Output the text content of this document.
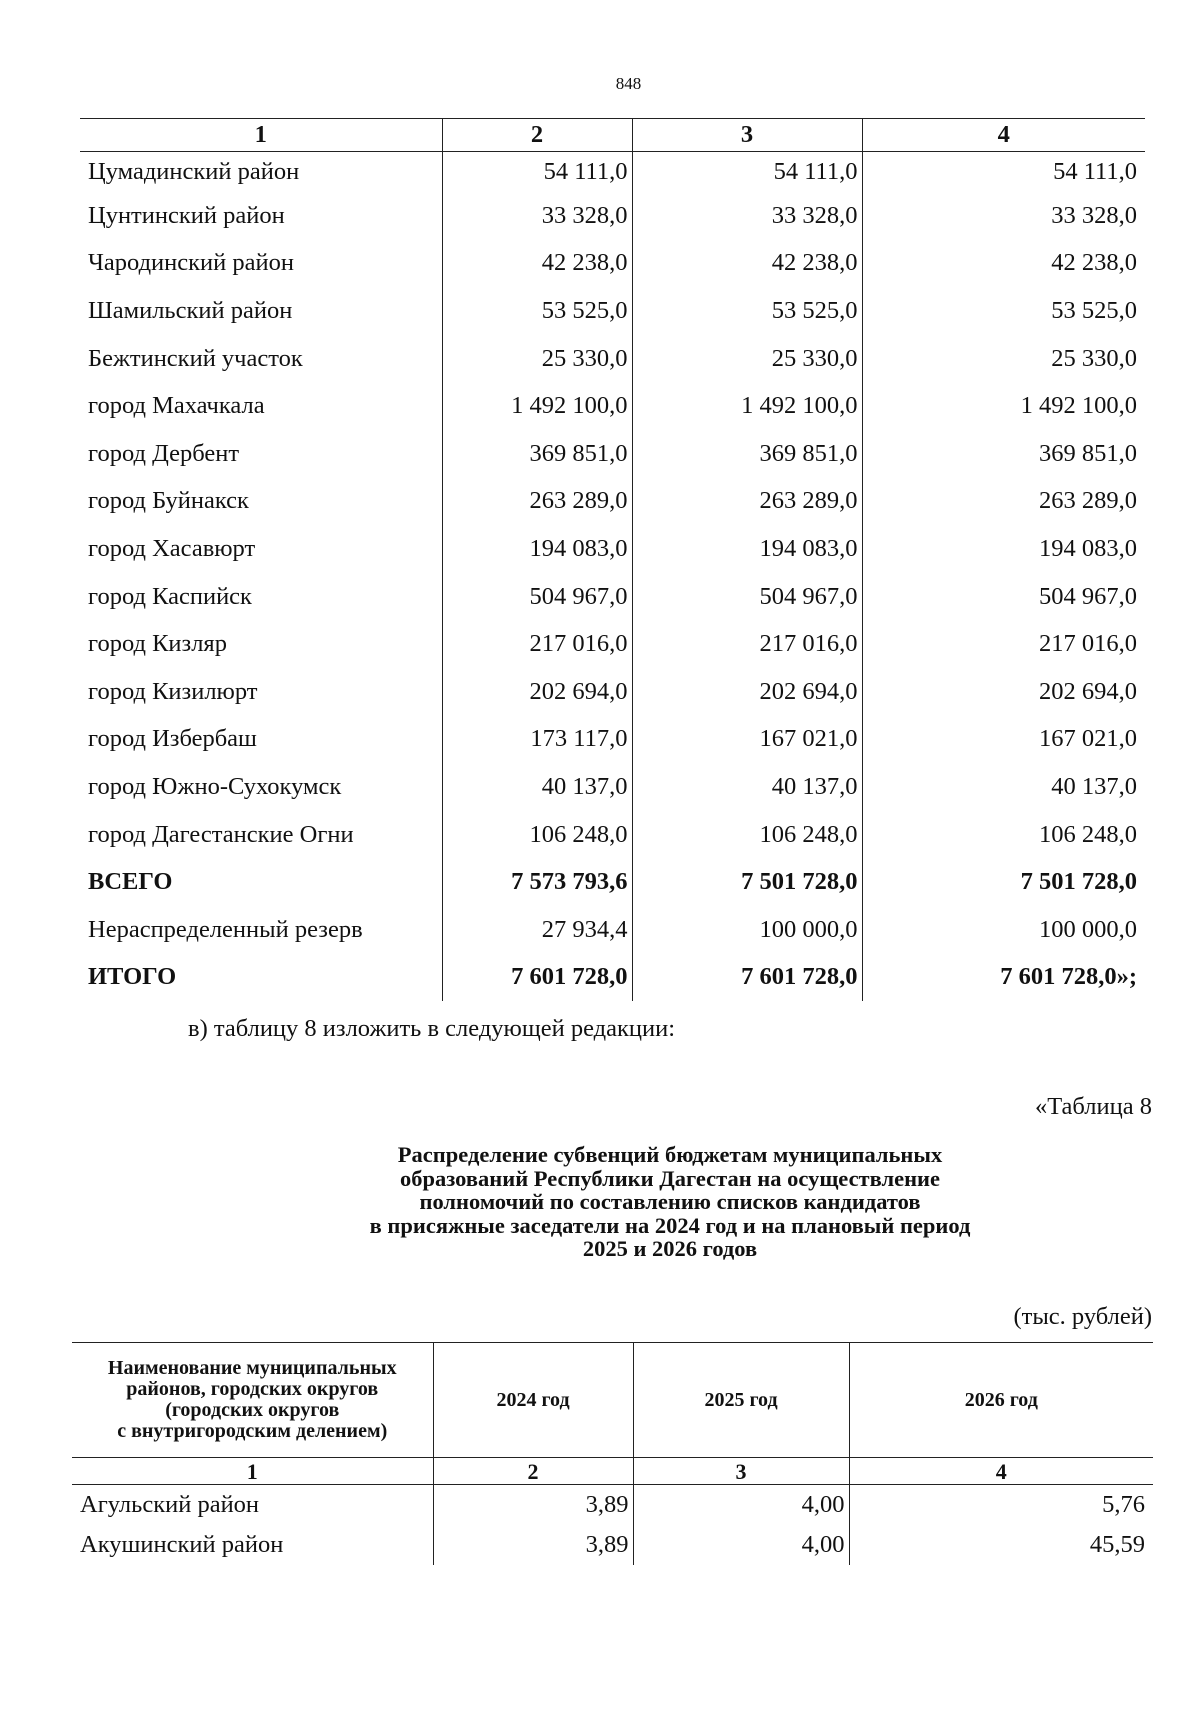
848
1	2	3	4
Цумадинский район	54 111,0	54 111,0	54 111,0
Цунтинский район	33 328,0	33 328,0	33 328,0
Чародинский район	42 238,0	42 238,0	42 238,0
Шамильский район	53 525,0	53 525,0	53 525,0
Бежтинский участок	25 330,0	25 330,0	25 330,0
город Махачкала	1 492 100,0	1 492 100,0	1 492 100,0
город Дербент	369 851,0	369 851,0	369 851,0
город Буйнакск	263 289,0	263 289,0	263 289,0
город Хасавюрт	194 083,0	194 083,0	194 083,0
город Каспийск	504 967,0	504 967,0	504 967,0
город Кизляр	217 016,0	217 016,0	217 016,0
город Кизилюрт	202 694,0	202 694,0	202 694,0
город Избербаш	173 117,0	167 021,0	167 021,0
город Южно-Сухокумск	40 137,0	40 137,0	40 137,0
город Дагестанские Огни	106 248,0	106 248,0	106 248,0
ВСЕГО	7 573 793,6	7 501 728,0	7 501 728,0
Нераспределенный резерв	27 934,4	100 000,0	100 000,0
ИТОГО	7 601 728,0	7 601 728,0	7 601 728,0»;
в) таблицу 8 изложить в следующей редакции:
«Таблица 8
Распределение субвенций бюджетам муниципальных
образований Республики Дагестан на осуществление
полномочий по составлению списков кандидатов
в присяжные заседатели на 2024 год и на плановый период
2025 и 2026 годов
(тыс. рублей)
Наименование муниципальных
районов, городских округов
(городских округов
с внутригородским делением)	2024 год	2025 год	2026 год
1	2	3	4
Агульский район	3,89	4,00	5,76
Акушинский район	3,89	4,00	45,59
